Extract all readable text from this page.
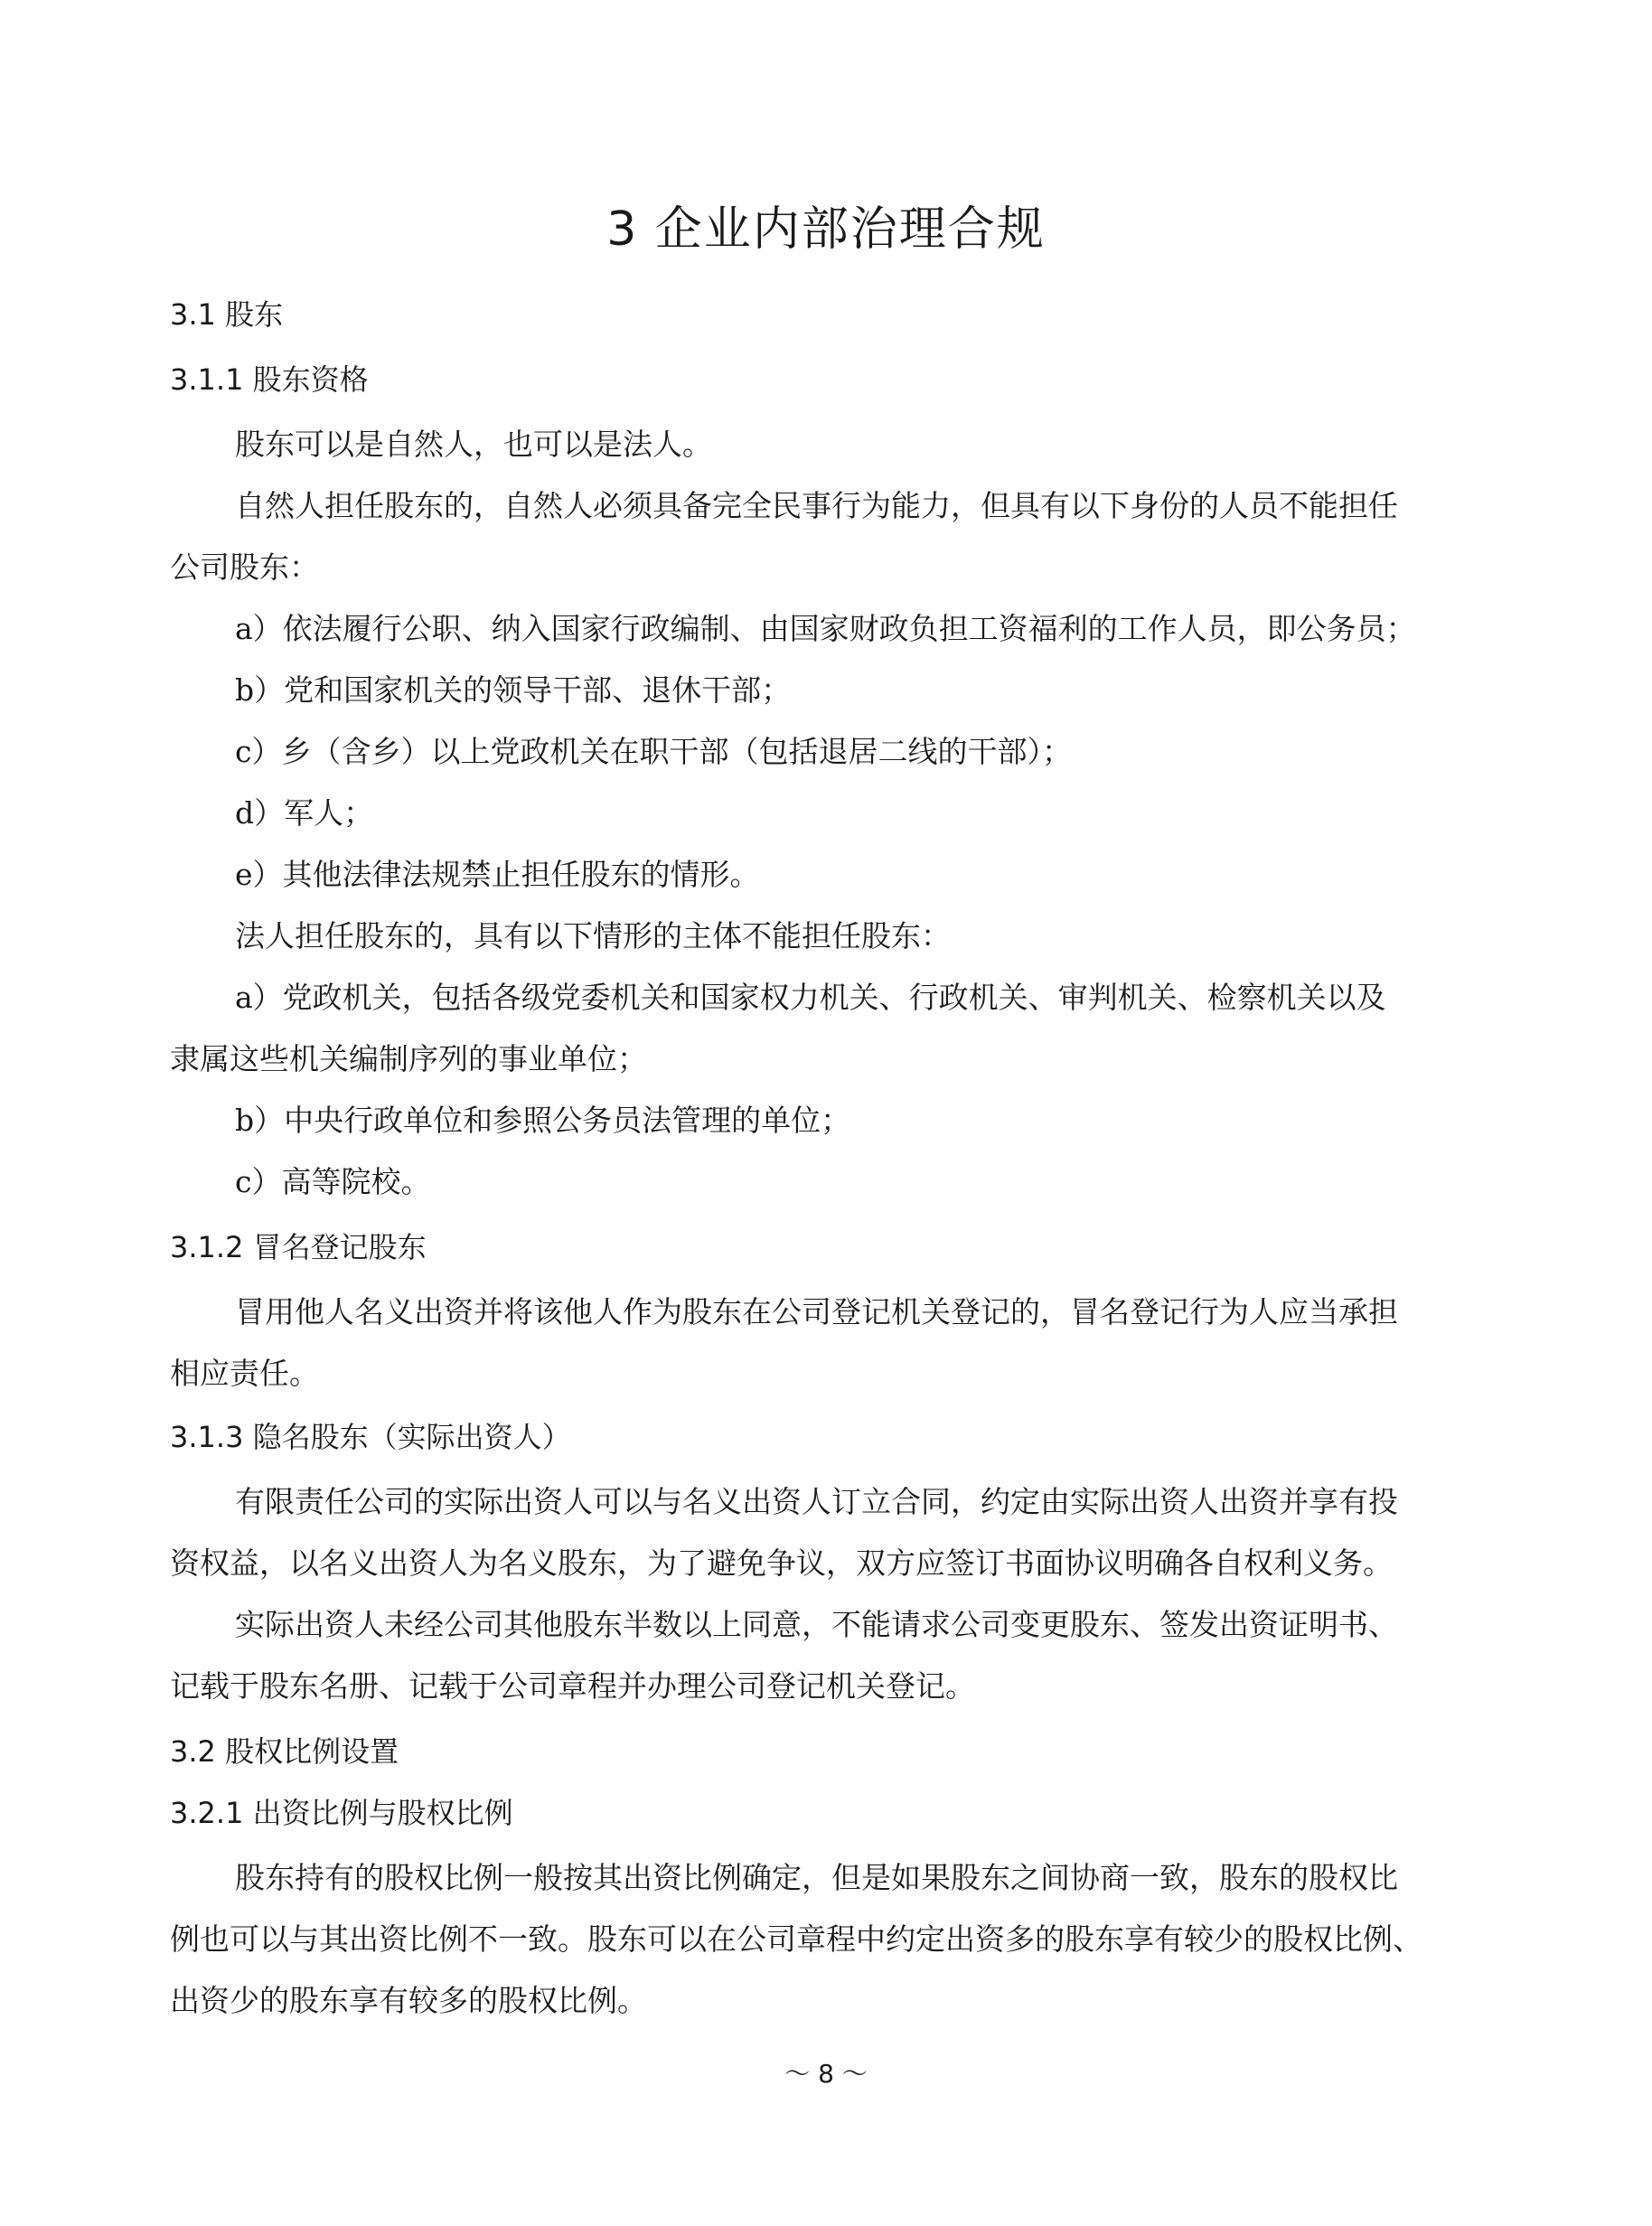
3 企业内部治理合规
3.1 股东
3.1.1 股东资格
股东可以是自然人，也可以是法人。
自然人担任股东的，自然人必须具备完全民事行为能力，但具有以下身份的人员不能担任
公司股东：
a）依法履行公职、纳入国家行政编制、由国家财政负担工资福利的工作人员，即公务员；
b）党和国家机关的领导干部、退休干部；
c）乡（含乡）以上党政机关在职干部（包括退居二线的干部）；
d）军人；
e）其他法律法规禁止担任股东的情形。
法人担任股东的，具有以下情形的主体不能担任股东：
a）党政机关，包括各级党委机关和国家权力机关、行政机关、审判机关、检察机关以及
隶属这些机关编制序列的事业单位；
b）中央行政单位和参照公务员法管理的单位；
c）高等院校。
3.1.2 冒名登记股东
冒用他人名义出资并将该他人作为股东在公司登记机关登记的，冒名登记行为人应当承担
相应责任。
3.1.3 隐名股东（实际出资人）
有限责任公司的实际出资人可以与名义出资人订立合同，约定由实际出资人出资并享有投
资权益，以名义出资人为名义股东，为了避免争议，双方应签订书面协议明确各自权利义务。
实际出资人未经公司其他股东半数以上同意，不能请求公司变更股东、签发出资证明书、
记载于股东名册、记载于公司章程并办理公司登记机关登记。
3.2 股权比例设置
3.2.1 出资比例与股权比例
股东持有的股权比例一般按其出资比例确定，但是如果股东之间协商一致，股东的股权比
例也可以与其出资比例不一致。股东可以在公司章程中约定出资多的股东享有较少的股权比例、
出资少的股东享有较多的股权比例。
～ 8 ～
